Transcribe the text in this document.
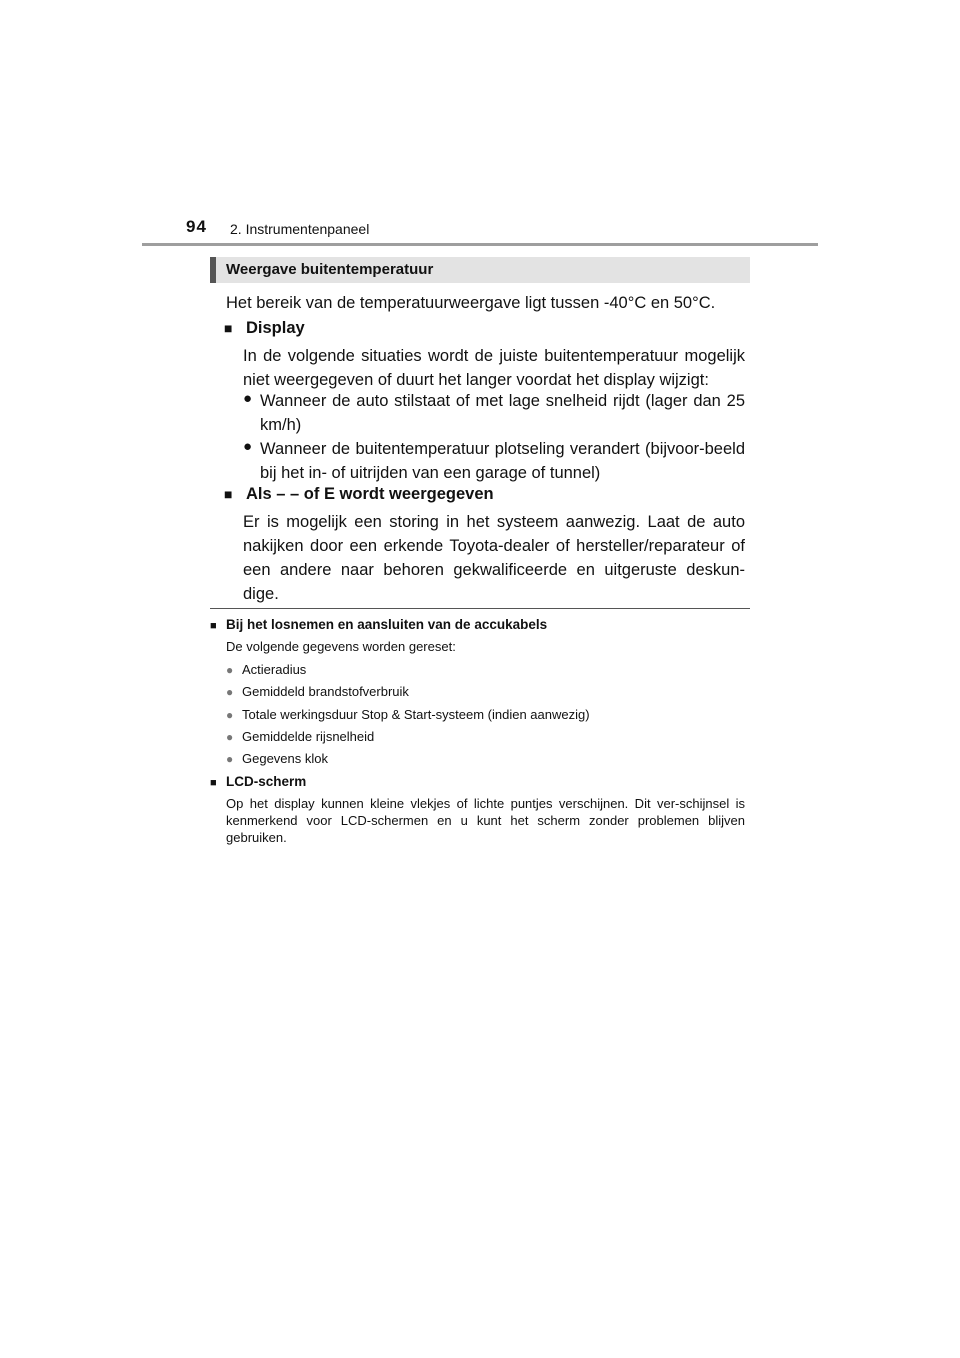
94 2. Instrumentenpaneel
Weergave buitentemperatuur
Het bereik van de temperatuurweergave ligt tussen -40°C en 50°C.
■ Display
In de volgende situaties wordt de juiste buitentemperatuur mogelijk niet weergegeven of duurt het langer voordat het display wijzigt:
● Wanneer de auto stilstaat of met lage snelheid rijdt (lager dan 25 km/h)
● Wanneer de buitentemperatuur plotseling verandert (bijvoor-beeld bij het in- of uitrijden van een garage of tunnel)
■ Als – – of E wordt weergegeven
Er is mogelijk een storing in het systeem aanwezig. Laat de auto nakijken door een erkende Toyota-dealer of hersteller/reparateur of een andere naar behoren gekwalificeerde en uitgeruste deskun-dige.
■ Bij het losnemen en aansluiten van de accukabels
De volgende gegevens worden gereset:
● Actieradius
● Gemiddeld brandstofverbruik
● Totale werkingsduur Stop & Start-systeem (indien aanwezig)
● Gemiddelde rijsnelheid
● Gegevens klok
■ LCD-scherm
Op het display kunnen kleine vlekjes of lichte puntjes verschijnen. Dit ver-schijnsel is kenmerkend voor LCD-schermen en u kunt het scherm zonder problemen blijven gebruiken.
